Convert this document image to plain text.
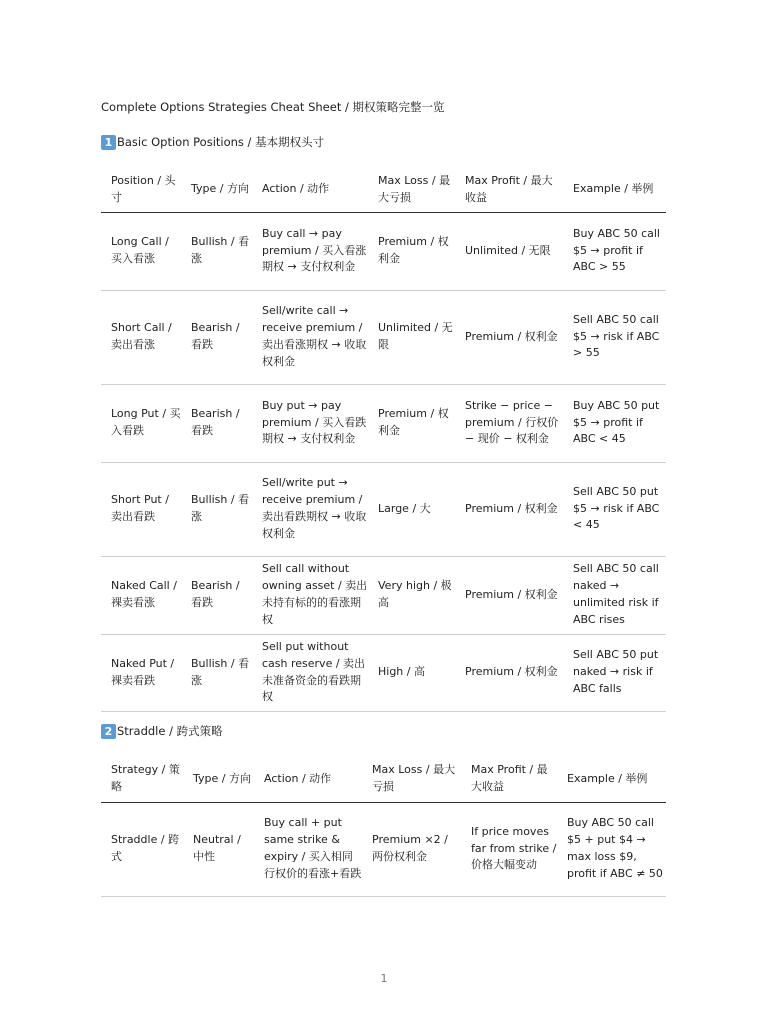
Complete Options Strategies Cheat Sheet / 期权策略完整一览
1 Basic Option Positions / 基本期权头寸
Position / 头寸	Type / 方向	Action / 动作	Max Loss / 最大亏损	Max Profit / 最大收益	Example / 举例
Long Call / 买入看涨	Bullish / 看涨	Buy call → pay premium / 买入看涨期权 → 支付权利金	Premium / 权利金	Unlimited / 无限	Buy ABC 50 call $5 → profit if ABC > 55
Short Call / 卖出看涨	Bearish / 看跌	Sell/write call → receive premium / 卖出看涨期权 → 收取权利金	Unlimited / 无限	Premium / 权利金	Sell ABC 50 call $5 → risk if ABC > 55
Long Put / 买入看跌	Bearish / 看跌	Buy put → pay premium / 买入看跌期权 → 支付权利金	Premium / 权利金	Strike − price − premium / 行权价 − 现价 − 权利金	Buy ABC 50 put $5 → profit if ABC < 45
Short Put / 卖出看跌	Bullish / 看涨	Sell/write put → receive premium / 卖出看跌期权 → 收取权利金	Large / 大	Premium / 权利金	Sell ABC 50 put $5 → risk if ABC < 45
Naked Call / 裸卖看涨	Bearish / 看跌	Sell call without owning asset / 卖出未持有标的的看涨期权	Very high / 极高	Premium / 权利金	Sell ABC 50 call naked → unlimited risk if ABC rises
Naked Put / 裸卖看跌	Bullish / 看涨	Sell put without cash reserve / 卖出未准备资金的看跌期权	High / 高	Premium / 权利金	Sell ABC 50 put naked → risk if ABC falls
2 Straddle / 跨式策略
Strategy / 策略	Type / 方向	Action / 动作	Max Loss / 最大亏损	Max Profit / 最大收益	Example / 举例
Straddle / 跨式	Neutral / 中性	Buy call + put same strike & expiry / 买入相同行权价的看涨+看跌	Premium ×2 / 两份权利金	If price moves far from strike / 价格大幅变动	Buy ABC 50 call $5 + put $4 → max loss $9, profit if ABC ≠ 50
1
